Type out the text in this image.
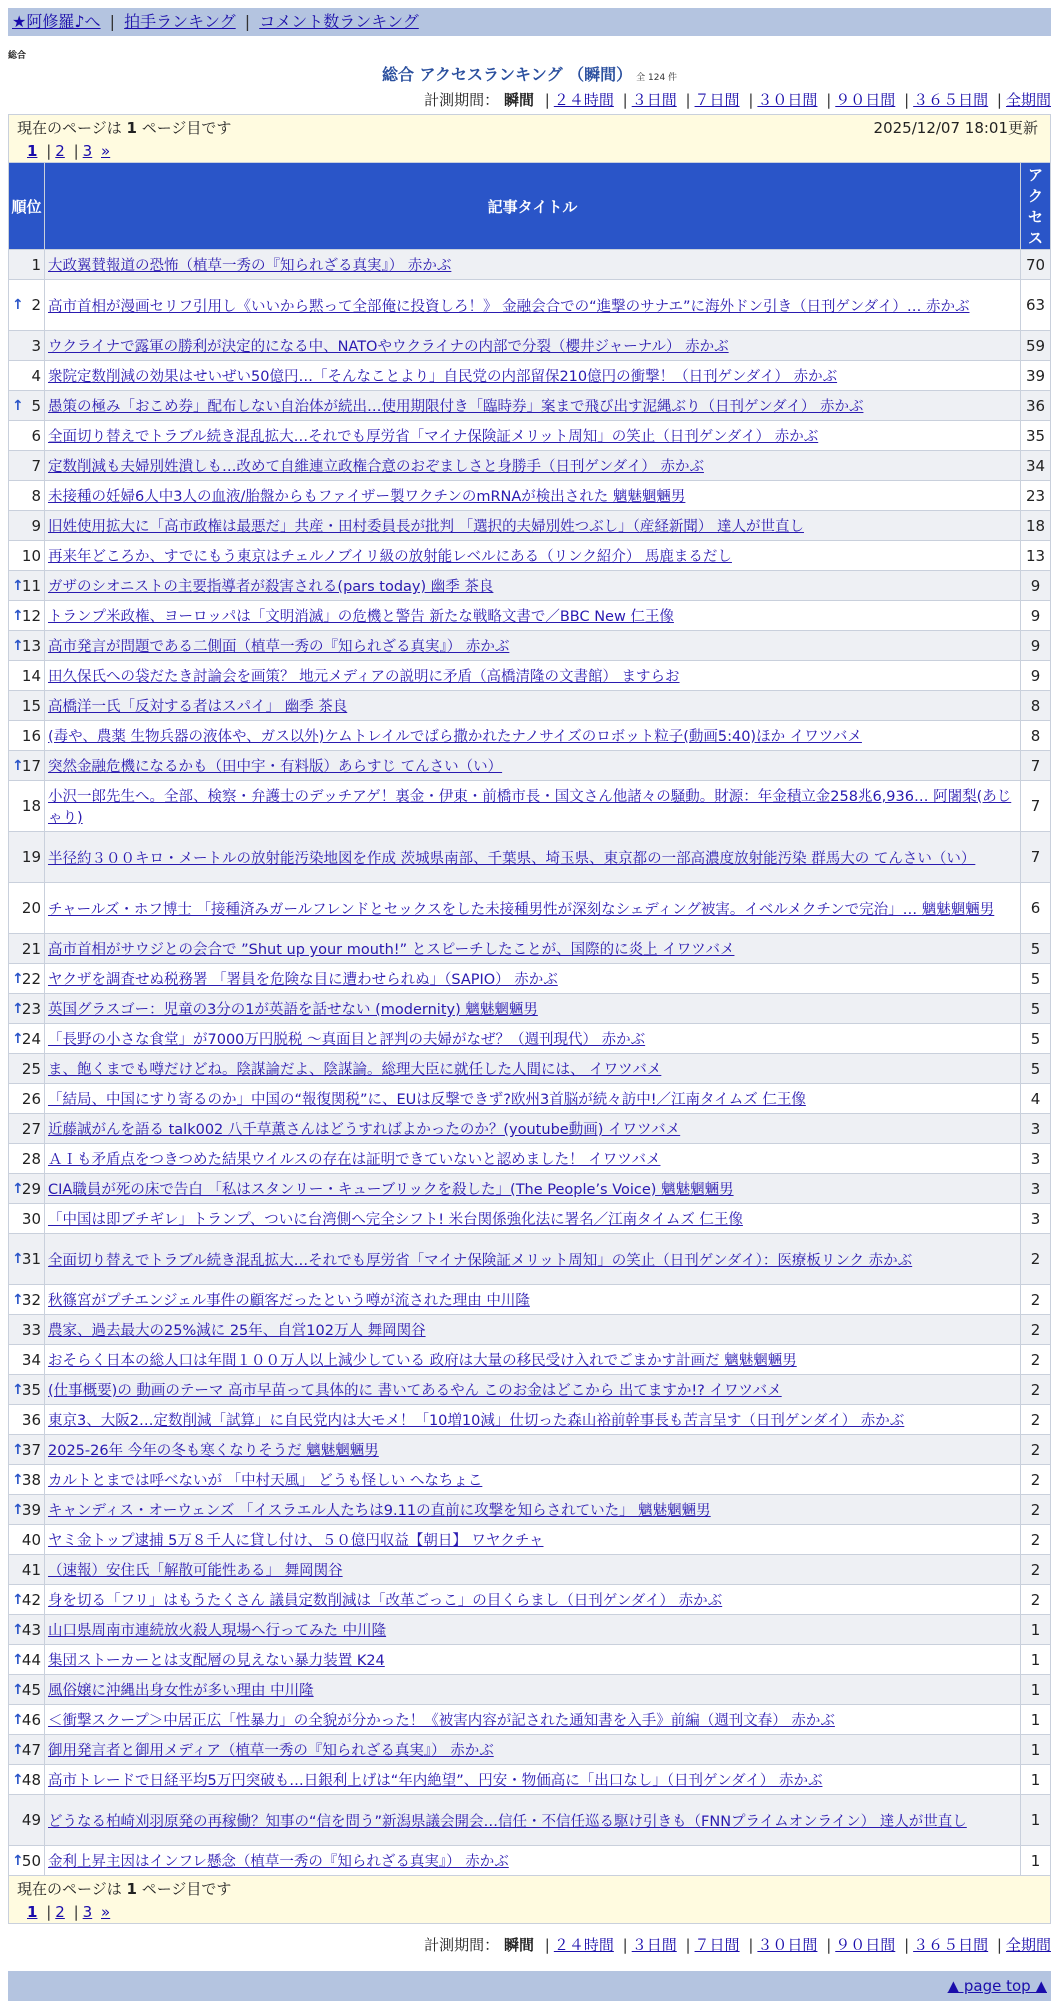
★阿修羅♪へ | 拍手ランキング | コメント数ランキング
総合
総合 アクセスランキング （瞬間） 全 124 件
計測期間： 瞬間 | ２４時間 | ３日間 | ７日間 | ３０日間 | ９０日間 | ３６５日間 | 全期間
現在のページは 1 ページ目です 2025/12/07 18:01更新
1 | 2 | 3 »		

順位	記事タイトル	アクセス
1	大政翼賛報道の恐怖（植草一秀の『知られざる真実』） 赤かぶ	70

↑ 2	高市首相が漫画セリフ引用し《いいから黙って全部俺に投資しろ！》 金融会合での“進撃のサナエ”に海外ドン引き（日刊ゲンダイ）… 赤かぶ	63
3	ウクライナで露軍の勝利が決定的になる中、NATOやウクライナの内部で分裂（櫻井ジャーナル） 赤かぶ	59
4	衆院定数削減の効果はせいぜい50億円…「そんなことより」自民党の内部留保210億円の衝撃！（日刊ゲンダイ） 赤かぶ	39

↑ 5	愚策の極み「おこめ券」配布しない自治体が続出…使用期限付き「臨時券」案まで飛び出す泥縄ぶり（日刊ゲンダイ） 赤かぶ	36
6	全面切り替えでトラブル続き混乱拡大…それでも厚労省「マイナ保険証メリット周知」の笑止（日刊ゲンダイ） 赤かぶ	35
7	定数削減も夫婦別姓潰しも…改めて自維連立政権合意のおぞましさと身勝手（日刊ゲンダイ） 赤かぶ	34
8	未接種の妊婦6人中3人の血液/胎盤からもファイザー製ワクチンのmRNAが検出された 魑魅魍魎男	23
9	旧姓使用拡大に「高市政権は最悪だ」共産・田村委員長が批判 「選択的夫婦別姓つぶし」（産経新聞） 達人が世直し	18
10	再来年どころか、すでにもう東京はチェルノブイリ級の放射能レベルにある（リンク紹介） 馬鹿まるだし	13

↑
11	ガザのシオニストの主要指導者が殺害される(pars today) 幽季 茶良	9

↑
12	トランプ米政権、ヨーロッパは「文明消滅」の危機と警告 新たな戦略文書で／BBC New 仁王像	9

↑
13	高市発言が問題である二側面（植草一秀の『知られざる真実』） 赤かぶ	9
14	田久保氏への袋だたき討論会を画策？ 地元メディアの説明に矛盾（高橋清隆の文書館） ますらお	9
15	高橋洋一氏「反対する者はスパイ」 幽季 茶良	8
16	(毒や、農薬 生物兵器の液体や、ガス以外)ケムトレイルでばら撒かれたナノサイズのロボット粒子(動画5:40)ほか イワツバメ	8

↑
17	突然金融危機になるかも（田中宇・有料版）あらすじ てんさい（い）	7
18	小沢一郎先生へ。全部、検察・弁護士のデッチアゲ！裏金・伊東・前橋市長・国文さん他諸々の騒動。財源：年金積立金258兆6,936… 阿闍梨(あじゃり)	7
19	半径約３００キロ・メートルの放射能汚染地図を作成 茨城県南部、千葉県、埼玉県、東京都の一部高濃度放射能汚染 群馬大の てんさい（い）	7
20	チャールズ・ホフ博士 「接種済みガールフレンドとセックスをした未接種男性が深刻なシェディング被害。イベルメクチンで完治」… 魑魅魍魎男	6
21	高市首相がサウジとの会合で ”Shut up your mouth!” とスピーチしたことが、国際的に炎上 イワツバメ	5

↑
22	ヤクザを調査せぬ税務署 「署員を危険な目に遭わせられぬ」（SAPIO） 赤かぶ	5

↑
23	英国グラスゴー：児童の3分の1が英語を話せない (modernity) 魑魅魍魎男	5

↑
24	「長野の小さな食堂」が7000万円脱税 ～真面目と評判の夫婦がなぜ？（週刊現代） 赤かぶ	5
25	ま、飽くまでも噂だけどね。陰謀論だよ、陰謀論。総理大臣に就任した人間には、 イワツバメ	5
26	「結局、中国にすり寄るのか」中国の“報復関税”に、EUは反撃できず?欧州3首脳が続々訪中!／江南タイムズ 仁王像	4
27	近藤誠がんを語る talk002 八千草薫さんはどうすればよかったのか？(youtube動画) イワツバメ	3
28	ＡＩも矛盾点をつきつめた結果ウイルスの存在は証明できていないと認めました！ イワツバメ	3

↑
29	CIA職員が死の床で告白 「私はスタンリー・キューブリックを殺した」(The People’s Voice) 魑魅魍魎男	3
30	「中国は即ブチギレ」トランプ、ついに台湾側へ完全シフト! 米台関係強化法に署名／江南タイムズ 仁王像	3

↑
31	全面切り替えでトラブル続き混乱拡大…それでも厚労省「マイナ保険証メリット周知」の笑止（日刊ゲンダイ）：医療板リンク 赤かぶ	2

↑
32	秋篠宮がプチエンジェル事件の顧客だったという噂が流された理由 中川隆	2
33	農家、過去最大の25%減に 25年、自営102万人 舞岡関谷	2
34	おそらく日本の総人口は年間１００万人以上減少している 政府は大量の移民受け入れでごまかす計画だ 魑魅魍魎男	2

↑
35	(仕事概要)の 動画のテーマ 高市早苗って具体的に 書いてあるやん このお金はどこから 出てますか!? イワツバメ	2
36	東京3、大阪2…定数削減「試算」に自民党内は大モメ！「10増10減」仕切った森山裕前幹事長も苦言呈す（日刊ゲンダイ） 赤かぶ	2

↑
37	2025-26年 今年の冬も寒くなりそうだ 魑魅魍魎男	2

↑
38	カルトとまでは呼べないが 「中村天風」 どうも怪しい へなちょこ	2

↑
39	キャンディス・オーウェンズ 「イスラエル人たちは9.11の直前に攻撃を知らされていた」 魑魅魍魎男	2
40	ヤミ金トップ逮捕 5万８千人に貸し付け、５０億円収益【朝日】 ワヤクチャ	2
41	（速報）安住氏「解散可能性ある」 舞岡関谷	2

↑
42	身を切る「フリ」はもうたくさん 議員定数削減は「改革ごっこ」の目くらまし（日刊ゲンダイ） 赤かぶ	2

↑
43	山口県周南市連続放火殺人現場へ行ってみた 中川隆	1

↑
44	集団ストーカーとは支配層の見えない暴力装置 K24	1

↑
45	風俗嬢に沖縄出身女性が多い理由 中川隆	1

↑
46	＜衝撃スクープ＞中居正広「性暴力」の全貌が分かった！《被害内容が記された通知書を入手》前編（週刊文春） 赤かぶ	1

↑
47	御用発言者と御用メディア（植草一秀の『知られざる真実』） 赤かぶ	1

↑
48	高市トレードで日経平均5万円突破も…日銀利上げは“年内絶望”、円安・物価高に「出口なし」（日刊ゲンダイ） 赤かぶ	1
49	どうなる柏崎刈羽原発の再稼働？知事の“信を問う”新潟県議会開会…信任・不信任巡る駆け引きも（FNNプライムオンライン） 達人が世直し	1

↑
50	金利上昇主因はインフレ懸念（植草一秀の『知られざる真実』） 赤かぶ	1

現在のページは 1 ページ目です
1 | 2 | 3 »		
計測期間： 瞬間 | ２４時間 | ３日間 | ７日間 | ３０日間 | ９０日間 | ３６５日間 | 全期間
▲ page top ▲
